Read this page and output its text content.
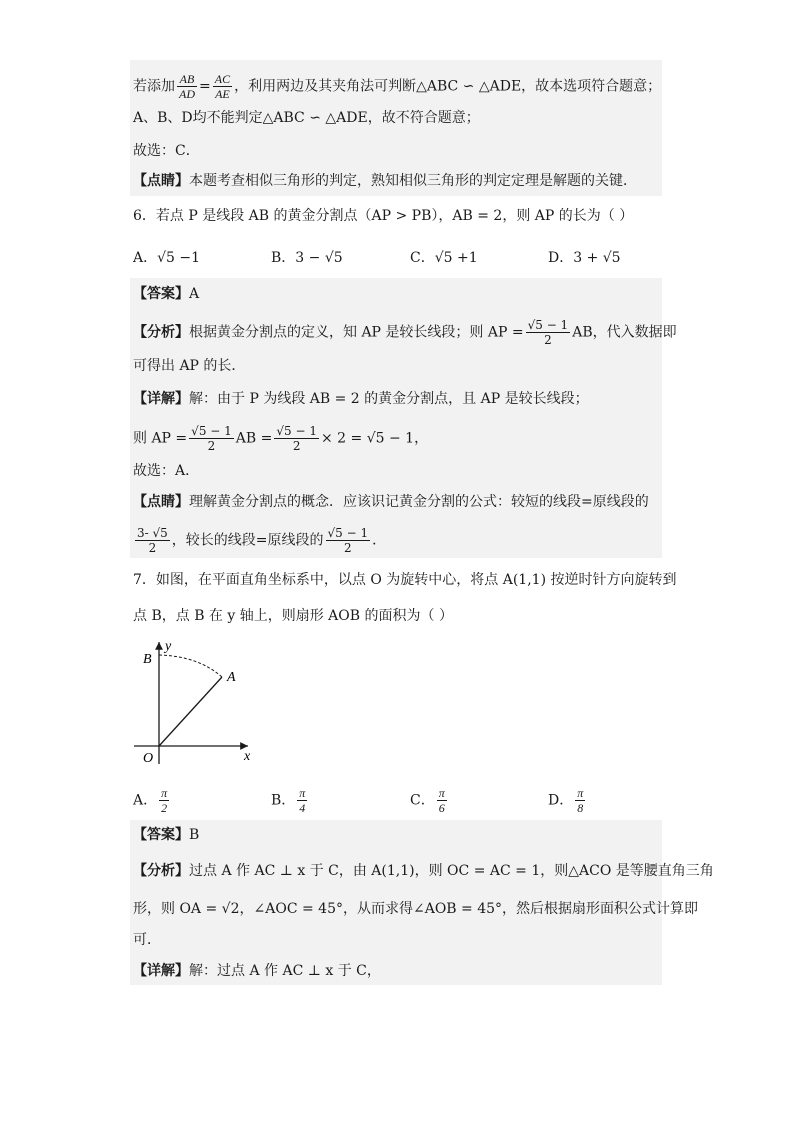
若添加 $\frac{AB}{AD} = \frac{AC}{AE}$ ，利用两边及其夹角法可判断△ABC ∽ △ADE，故本选项符合题意；
A、B、D均不能判定△ABC ∽ △ADE，故不符合题意；
故选：C．
【点睛】本题考查相似三角形的判定，熟知相似三角形的判定定理是解题的关键．
6．若点 P 是线段 AB 的黄金分割点（AP > PB），AB = 2，则 AP 的长为（ ）
A．√5 −1	B．3 − √5	C．√5 +1	D．3 + √5
【答案】A
【分析】根据黄金分割点的定义，知 AP 是较长线段；则 AP = $\frac{√5 - 1}{2}$ AB，代入数据即
可得出 AP 的长．
【详解】解：由于 P 为线段 AB = 2 的黄金分割点，且 AP 是较长线段；
则 AP = $\frac{√5 - 1}{2}$ AB = $\frac{√5 - 1}{2} \times 2 = √5 - 1$，
故选：A．
【点睛】理解黄金分割点的概念．应该识记黄金分割的公式：较短的线段=原线段的
$\frac{3- √5}{2}$ ，较长的线段=原线段的 $\frac{√5 - 1}{2}$ ．
7．如图，在平面直角坐标系中，以点 O 为旋转中心，将点 A(1,1) 按逆时针方向旋转到
点 B，点 B 在 y 轴上，则扇形 AOB 的面积为（ ）
y
B
A
O	x
A． $\frac{\pi}{2}$	B． $\frac{\pi}{4}$	C． $\frac{\pi}{6}$	D． $\frac{\pi}{8}$
【答案】B
【分析】过点 A 作 AC ⊥ x 于 C，由 A(1,1)，则 OC = AC = 1，则△ACO 是等腰直角三角
形，则 OA = √2，∠AOC = 45°，从而求得∠AOB = 45°，然后根据扇形面积公式计算即
可．
【详解】解：过点 A 作 AC ⊥ x 于 C，
